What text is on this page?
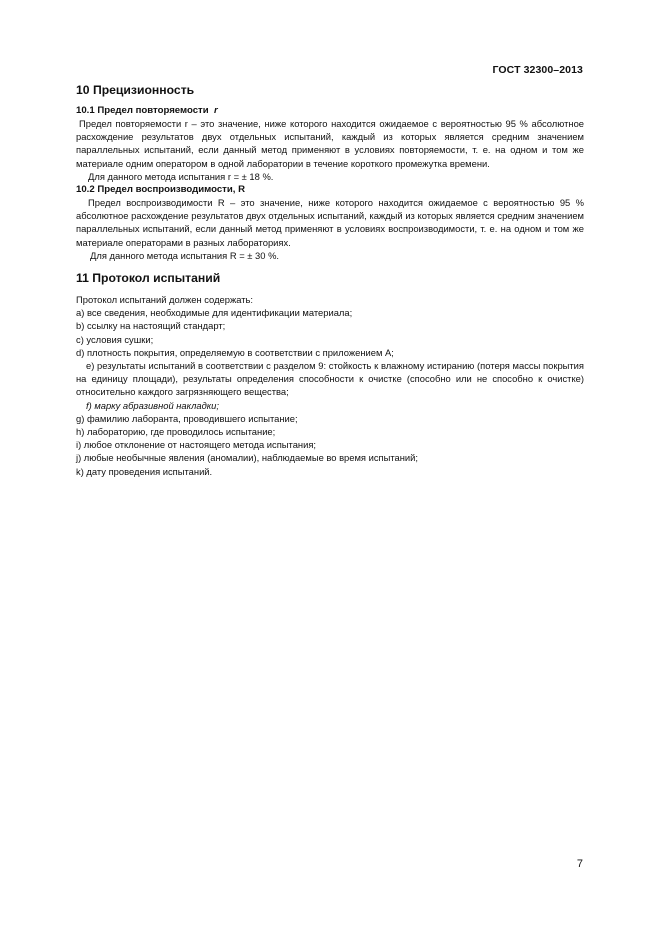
ГОСТ 32300–2013
10 Прецизионность
10.1 Предел повторяемости r

Предел повторяемости r – это значение, ниже которого находится ожидаемое с вероятностью 95 % абсолютное расхождение результатов двух отдельных испытаний, каждый из которых является средним значением параллельных испытаний, если данный метод применяют в условиях повторяемости, т. е. на одном и том же материале одним оператором в одной лаборатории в течение короткого промежутка времени.

Для данного метода испытания r = ± 18 %.

10.2 Предел воспроизводимости, R

Предел воспроизводимости R – это значение, ниже которого находится ожидаемое с вероятностью 95 % абсолютное расхождение результатов двух отдельных испытаний, каждый из которых является средним значением параллельных испытаний, если данный метод применяют в условиях воспроизводимости, т. е. на одном и том же материале операторами в разных лабораториях.

Для данного метода испытания R = ± 30 %.

11 Протокол испытаний

Протокол испытаний должен содержать:

a) все сведения, необходимые для идентификации материала;

b) ссылку на настоящий стандарт;

c) условия сушки;

d) плотность покрытия, определяемую в соответствии с приложением А;

e) результаты испытаний в соответствии с разделом 9: стойкость к влажному истиранию (потеря массы покрытия на единицу площади), результаты определения способности к очистке (способно или не способно к очистке) относительно каждого загрязняющего вещества;

f) марку абразивной накладки;

g) фамилию лаборанта, проводившего испытание;

h) лабораторию, где проводилось испытание;

i) любое отклонение от настоящего метода испытания;

j) любые необычные явления (аномалии), наблюдаемые во время испытаний;

k) дату проведения испытаний.

7
